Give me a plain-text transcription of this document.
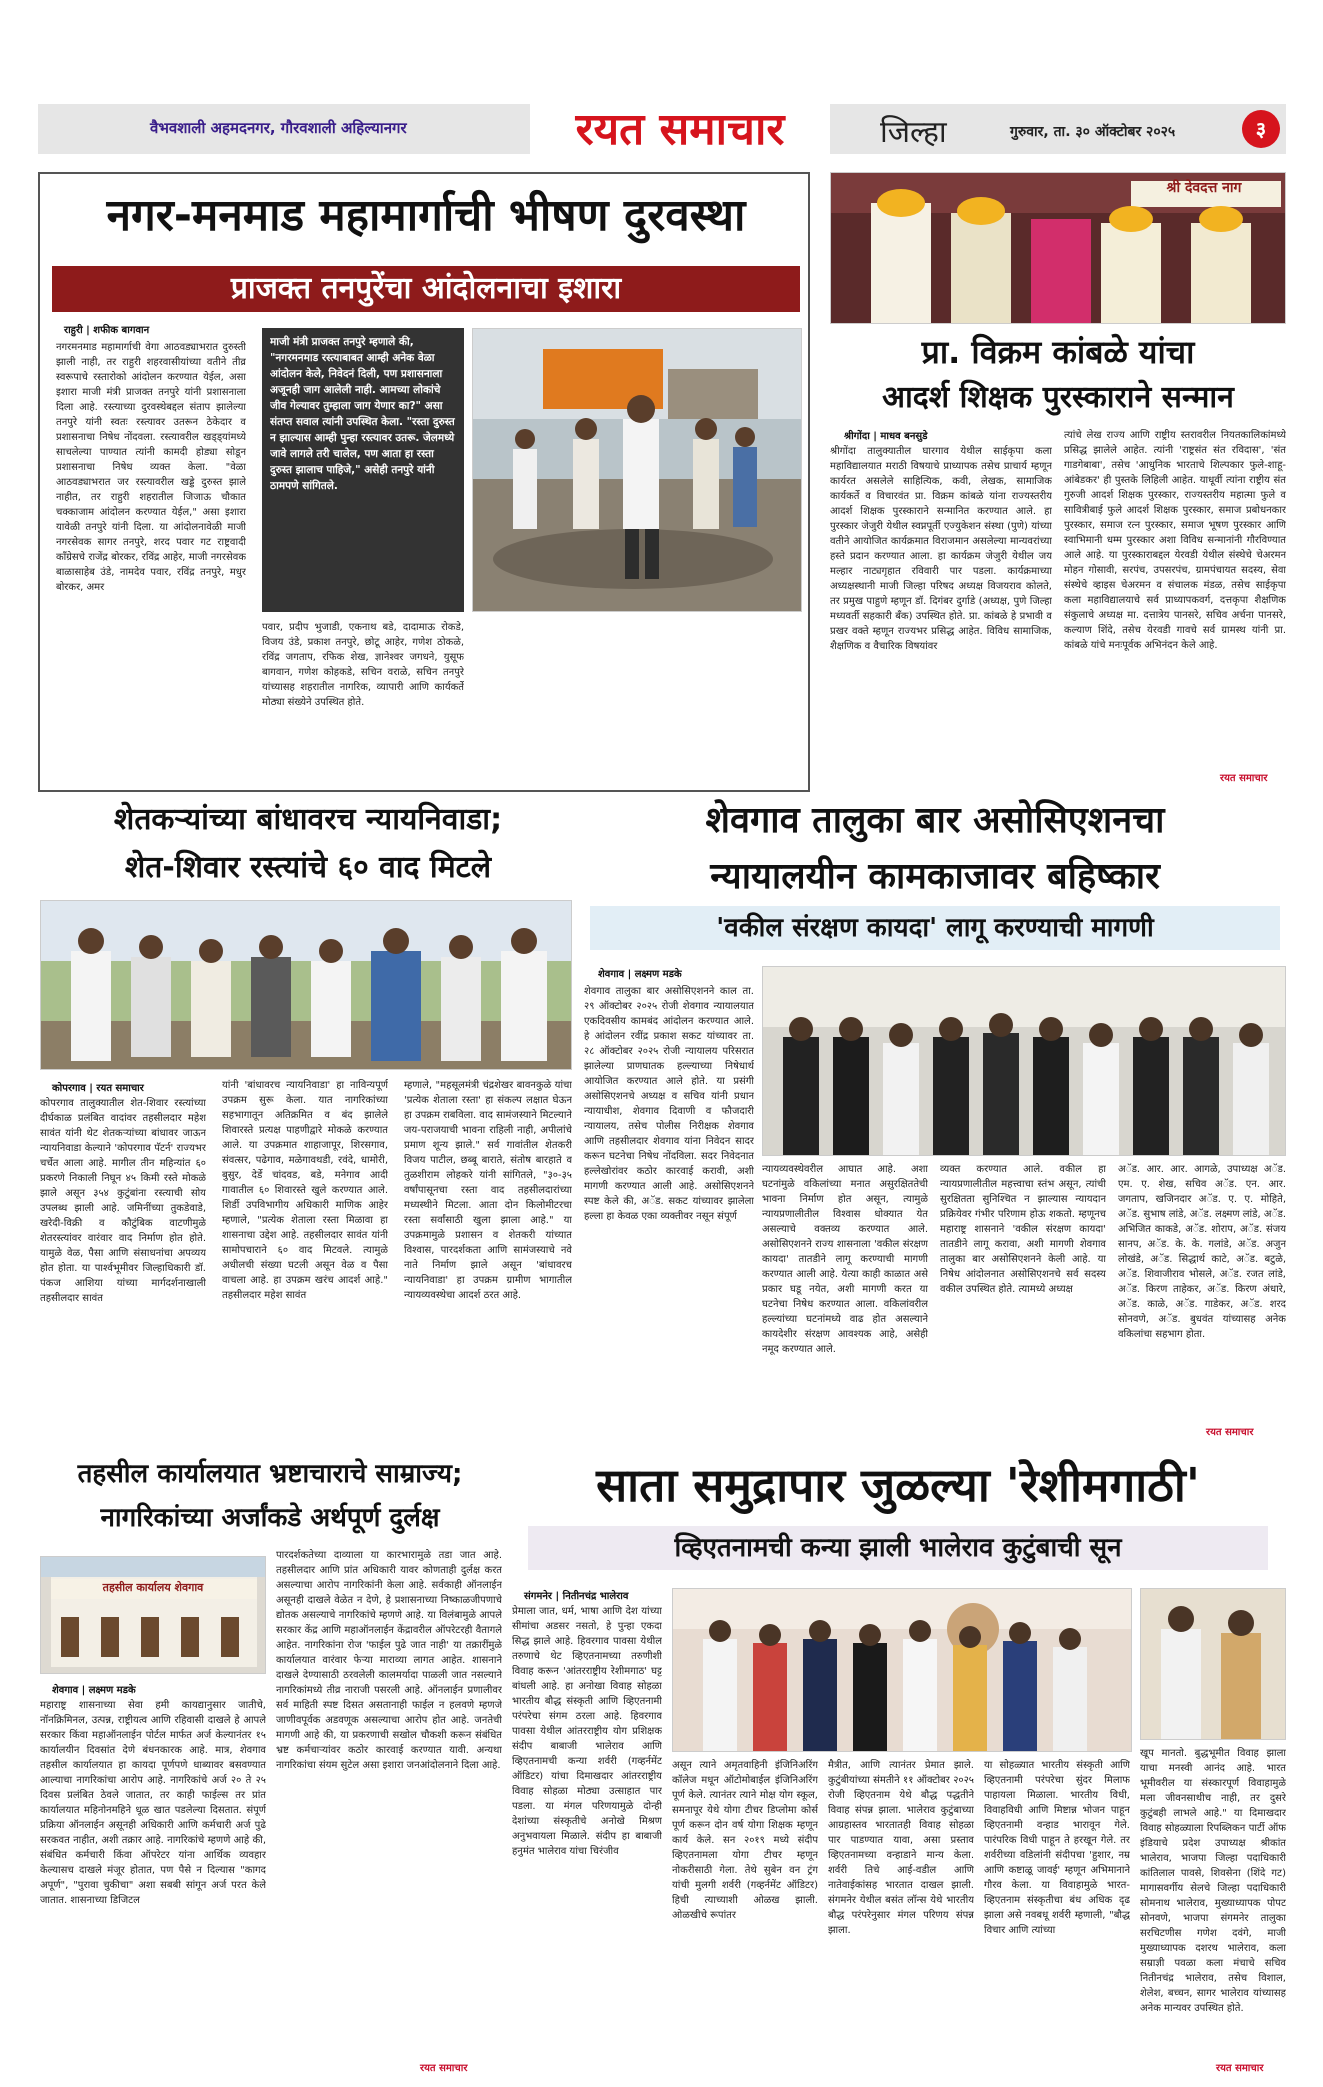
वैभवशाली अहमदनगर, गौरवशाली अहिल्यानगर	रयत समाचार	जिल्हा	गुरुवार, ता. ३० ऑक्टोबर २०२५	३
नगर-मनमाड महामार्गाची भीषण दुरवस्था
प्राजक्त तनपुरेंचा आंदोलनाचा इशारा
राहुरी | शफीक बागवान
नगरमनमाड महामार्गाची वेगा आठवड्याभरात दुरुस्ती झाली नाही, तर राहुरी शहरवासीयांच्या वतीने तीव्र स्वरूपाचे रस्तारोको आंदोलन करण्यात येईल, असा इशारा माजी मंत्री प्राजक्त तनपुरे यांनी प्रशासनाला दिला आहे. रस्त्याच्या दुरवस्थेबद्दल संताप झालेल्या तनपुरे यांनी स्वतः रस्त्यावर उतरून ठेकेदार व प्रशासनाचा निषेध नोंदवला. रस्त्यावरील खड्ड्यांमध्ये साचलेल्या पाण्यात त्यांनी कामदी होड्या सोडून प्रशासनाचा निषेध व्यक्त केला. "वेळा आठवड्याभरात जर रस्त्यावरील खड्डे दुरुस्त झाले नाहीत, तर राहुरी शहरातील जिजाऊ चौकात चक्काजाम आंदोलन करण्यात येईल," असा इशारा यावेळी तनपुरे यांनी दिला. या आंदोलनावेळी माजी नगरसेवक सागर तनपुरे, शरद पवार गट राष्ट्रवादी काँग्रेसचे राजेंद्र बोरकर, रविंद्र आहेर, माजी नगरसेवक बाळासाहेब उंडे, नामदेव पवार, रविंद्र तनपुरे, मधुर बोरकर, अमर
माजी मंत्री प्राजक्त तनपुरे म्हणाले की, "नगरमनमाड रस्त्याबाबत आम्ही अनेक वेळा आंदोलन केले, निवेदनं दिली, पण प्रशासनाला अजूनही जाग आलेली नाही. आमच्या लोकांचे जीव गेल्यावर तुम्हाला जाग येणार का?" असा संतप्त सवाल त्यांनी उपस्थित केला. "रस्ता दुरुस्त न झाल्यास आम्ही पुन्हा रस्त्यावर उतरू. जेलमध्ये जावे लागले तरी चालेल, पण आता हा रस्ता दुरुस्त झालाच पाहिजे," असेही तनपुरे यांनी ठामपणे सांगितले.
पवार, प्रदीप भुजाडी, एकनाथ बडे, दादामाऊ रोकडे, विजय उंडे, प्रकाश तनपुरे, छोटू आहेर, गणेश ठोकळे, रविंद्र जगताप, रफिक शेख, ज्ञानेश्वर जगधने, युसूफ बागवान, गणेश कोहकडे, सचिन वराळे, सचिन तनपुरे यांच्यासह शहरातील नागरिक, व्यापारी आणि कार्यकर्ते मोठ्या संख्येने उपस्थित होते.
श्री देवदत्त नाग
प्रा. विक्रम कांबळे यांचा
आदर्श शिक्षक पुरस्काराने सन्मान
श्रीगोंदा | माधव बनसुडे
श्रीगोंदा तालुक्यातील घारगाव येथील साईकृपा कला महाविद्यालयात मराठी विषयाचे प्राध्यापक तसेच प्राचार्य म्हणून कार्यरत असलेले साहित्यिक, कवी, लेखक, सामाजिक कार्यकर्ते व विचारवंत प्रा. विक्रम कांबळे यांना राज्यस्तरीय आदर्श शिक्षक पुरस्काराने सन्मानित करण्यात आले. हा पुरस्कार जेजुरी येथील स्वप्नपूर्ती एज्युकेशन संस्था (पुणे) यांच्या वतीने आयोजित कार्यक्रमात विराजमान असलेल्या मान्यवरांच्या हस्ते प्रदान करण्यात आला. हा कार्यक्रम जेजुरी येथील जय मल्हार नाट्यगृहात रविवारी पार पडला. कार्यक्रमाच्या अध्यक्षस्थानी माजी जिल्हा परिषद अध्यक्ष विजयराव कोलते, तर प्रमुख पाहुणे म्हणून डॉ. दिगंबर दुर्गाडे (अध्यक्ष, पुणे जिल्हा मध्यवर्ती सहकारी बँक) उपस्थित होते. प्रा. कांबळे हे प्रभावी व प्रखर वक्ते म्हणून राज्यभर प्रसिद्ध आहेत. विविध सामाजिक, शैक्षणिक व वैचारिक विषयांवर
त्यांचे लेख राज्य आणि राष्ट्रीय स्तरावरील नियतकालिकांमध्ये प्रसिद्ध झालेले आहेत. त्यांनी 'राष्ट्रसंत संत रविदास', 'संत गाडगेबाबा', तसेच 'आधुनिक भारताचे शिल्पकार फुले-शाहू-आंबेडकर' ही पुस्तके लिहिली आहेत. याधूर्वी त्यांना राष्ट्रीय संत गुरुजी आदर्श शिक्षक पुरस्कार, राज्यस्तरीय महात्मा फुले व सावित्रीबाई फुले आदर्श शिक्षक पुरस्कार, समाज प्रबोधनकार पुरस्कार, समाज रत्न पुरस्कार, समाज भूषण पुरस्कार आणि स्वाभिमानी धम्म पुरस्कार अशा विविध सन्मानांनी गौरविण्यात आले आहे. या पुरस्काराबद्दल येरवडी येथील संस्थेचे चेअरमन मोहन गोसावी, सरपंच, उपसरपंच, ग्रामपंचायत सदस्य, सेवा संस्थेचे व्हाइस चेअरमन व संचालक मंडळ, तसेच साईकृपा कला महाविद्यालयाचे सर्व प्राध्यापकवर्ग, दत्तकृपा शैक्षणिक संकुलाचे अध्यक्ष मा. दत्तात्रेय पानसरे, सचिव अर्चना पानसरे, कल्याण शिंदे, तसेच येरवडी गावचे सर्व ग्रामस्थ यांनी प्रा. कांबळे यांचे मनःपूर्वक अभिनंदन केले आहे.
रयत समाचार
शेतकऱ्यांच्या बांधावरच न्यायनिवाडा;
शेत-शिवार रस्त्यांचे ६० वाद मिटले
कोपरगाव | रयत समाचार
कोपरगाव तालुक्यातील शेत-शिवार रस्त्यांच्या दीर्घकाळ प्रलंबित वादांवर तहसीलदार महेश सावंत यांनी थेट शेतकऱ्यांच्या बांधावर जाऊन न्यायनिवाडा केल्याने 'कोपरगाव पॅटर्न' राज्यभर चर्चेत आला आहे. मागील तीन महिन्यांत ६० प्रकरणे निकाली निघून ४५ किमी रस्ते मोकळे झाले असून ३५४ कुटुंबांना रस्त्याची सोय उपलब्ध झाली आहे. जमिनींच्या तुकडेवाडे, खरेदी-विक्री व कौटुंबिक वाटणीमुळे शेतरस्त्यांवर वारंवार वाद निर्माण होत होते. यामुळे वेळ, पैसा आणि संसाधनांचा अपव्यय होत होता. या पार्श्वभूमीवर जिल्हाधिकारी डॉ. पंकज आशिया यांच्या मार्गदर्शनाखाली तहसीलदार सावंत
यांनी 'बांधावरच न्यायनिवाडा' हा नाविन्यपूर्ण उपक्रम सुरू केला. यात नागरिकांच्या सहभागातून अतिक्रमित व बंद झालेले शिवारस्ते प्रत्यक्ष पाहणीद्वारे मोकळे करण्यात आले. या उपक्रमात शाहाजापूर, शिरसगाव, संवत्सर, पढेगाव, मळेगावथडी, रवंदे, धामोरी, बुसुर, देर्डे चांदवड, बडे, मनेगाव आदी गावातील ६० शिवारस्ते खुले करण्यात आले. शिर्डी उपविभागीय अधिकारी माणिक आहेर म्हणाले, "प्रत्येक शेताला रस्ता मिळावा हा शासनाचा उद्देश आहे. तहसीलदार सावंत यांनी सामोपचाराने ६० वाद मिटवले. त्यामुळे अधीलची संख्या घटली असून वेळ व पैसा वाचला आहे. हा उपक्रम खरंच आदर्श आहे." तहसीलदार महेश सावंत
म्हणाले, "महसूलमंत्री चंद्रशेखर बावनकुळे यांचा 'प्रत्येक शेताला रस्ता' हा संकल्प लक्षात घेऊन हा उपक्रम राबविला. वाद सामंजस्याने मिटल्याने जय-पराजयाची भावना राहिली नाही, अपीलांचे प्रमाण शून्य झाले." सर्व गावांतील शेतकरी विजय पाटील, छब्बू बाराते, संतोष बारहाते व तुळशीराम लोहकरे यांनी सांगितले, "३०-३५ वर्षांपासूनचा रस्ता वाद तहसीलदारांच्या मध्यस्थीने मिटला. आता दोन किलोमीटरचा रस्ता सर्वांसाठी खुला झाला आहे." या उपक्रमामुळे प्रशासन व शेतकरी यांच्यात विश्वास, पारदर्शकता आणि सामंजस्याचे नवे नाते निर्माण झाले असून 'बांधावरच न्यायनिवाडा' हा उपक्रम ग्रामीण भागातील न्यायव्यवस्थेचा आदर्श ठरत आहे.
शेवगाव तालुका बार असोसिएशनचा
न्यायालयीन कामकाजावर बहिष्कार
'वकील संरक्षण कायदा' लागू करण्याची मागणी
शेवगाव | लक्ष्मण मडके
शेवगाव तालुका बार असोसिएशनने काल ता. २९ ऑक्टोबर २०२५ रोजी शेवगाव न्यायालयात एकदिवसीय कामबंद आंदोलन करण्यात आले. हे आंदोलन रवींद्र प्रकाश सकट यांच्यावर ता. २८ ऑक्टोबर २०२५ रोजी न्यायालय परिसरात झालेल्या प्राणघातक हल्ल्याच्या निषेधार्थ आयोजित करण्यात आले होते. या प्रसंगी असोसिएशनचे अध्यक्ष व सचिव यांनी प्रधान न्यायाधीश, शेवगाव दिवाणी व फौजदारी न्यायालय, तसेच पोलीस निरीक्षक शेवगाव आणि तहसीलदार शेवगाव यांना निवेदन सादर करून घटनेचा निषेध नोंदविला. सदर निवेदनात हल्लेखोरांवर कठोर कारवाई करावी, अशी मागणी करण्यात आली आहे. असोसिएशनने स्पष्ट केले की, अॅड. सकट यांच्यावर झालेला हल्ला हा केवळ एका व्यक्तीवर नसून संपूर्ण
न्यायव्यवस्थेवरील आघात आहे. अशा घटनांमुळे वकिलांच्या मनात असुरक्षिततेची भावना निर्माण होत असून, त्यामुळे न्यायप्रणालीतील विश्वास धोक्यात येत असल्याचे वक्तव्य करण्यात आले. असोसिएशनने राज्य शासनाला 'वकील संरक्षण कायदा' तातडीने लागू करण्याची मागणी करण्यात आली आहे. येत्या काही काळात असे प्रकार घडू नयेत, अशी मागणी करत या घटनेचा निषेध करण्यात आला. वकिलांवरील हल्ल्यांच्या घटनांमध्ये वाढ होत असल्याने कायदेशीर संरक्षण आवश्यक आहे, असेही नमूद करण्यात आले.
व्यक्त करण्यात आले. वकील हा न्यायप्रणालीतील महत्त्वाचा स्तंभ असून, त्यांची सुरक्षितता सुनिश्चित न झाल्यास न्यायदान प्रक्रियेवर गंभीर परिणाम होऊ शकतो. म्हणूनच महाराष्ट्र शासनाने 'वकील संरक्षण कायदा' तातडीने लागू करावा, अशी मागणी शेवगाव तालुका बार असोसिएशनने केली आहे. या निषेध आंदोलनात असोसिएशनचे सर्व सदस्य वकील उपस्थित होते. त्यामध्ये अध्यक्ष
अॅड. आर. आर. आगळे, उपाध्यक्ष अॅड. एम. ए. शेख, सचिव अॅड. एन. आर. जगताप, खजिनदार अॅड. ए. ए. मोहिते, अॅड. सुभाष लांडे, अॅड. लक्ष्मण लांडे, अॅड. अभिजित काकडे, अॅड. शोराप, अॅड. संजय सानप, अॅड. के. के. गलांडे, अॅड. अजुन लोखंडे, अॅड. सिद्धार्थ काटे, अॅड. बटुळे, अॅड. शिवाजीराव भोसले, अॅड. रजत लांडे, अॅड. किरण ताहेकर, अॅड. किरण अंधारे, अॅड. काळे, अॅड. गाडेकर, अॅड. शरद सोनवणे, अॅड. बुधवंत यांच्यासह अनेक वकिलांचा सहभाग होता.
रयत समाचार
तहसील कार्यालयात भ्रष्टाचाराचे साम्राज्य;
नागरिकांच्या अर्जांकडे अर्थपूर्ण दुर्लक्ष
तहसील कार्यालय शेवगाव
शेवगाव | लक्ष्मण मडके
महाराष्ट्र शासनाच्या सेवा हमी कायद्यानुसार जातीचे, नॉनक्रिमिनल, उत्पन्न, राष्ट्रीयत्व आणि रहिवासी दाखले हे आपले सरकार किंवा महाऑनलाईन पोर्टल मार्फत अर्ज केल्यानंतर १५ कार्यालयीन दिवसांत देणे बंधनकारक आहे. मात्र, शेवगाव तहसील कार्यालयात हा कायदा पूर्णपणे धाब्यावर बसवण्यात आल्याचा नागरिकांचा आरोप आहे. नागरिकांचे अर्ज २० ते २५ दिवस प्रलंबित ठेवले जातात, तर काही फाईल्स तर प्रांत कार्यालयात महिनोनमहिने धूळ खात पडलेल्या दिसतात. संपूर्ण प्रक्रिया ऑनलाईन असूनही अधिकारी आणि कर्मचारी अर्ज पुढे सरकवत नाहीत, अशी तक्रार आहे. नागरिकांचे म्हणणे आहे की, संबंधित कर्मचारी किंवा ऑपरेटर यांना आर्थिक व्यवहार केल्यासच दाखले मंजूर होतात, पण पैसे न दिल्यास "कागद अपूर्ण", "पुरावा चुकीचा" अशा सबबी सांगून अर्ज परत केले जातात. शासनाच्या डिजिटल
पारदर्शकतेच्या दाव्याला या कारभारामुळे तडा जात आहे. तहसीलदार आणि प्रांत अधिकारी यावर कोणताही दुर्लक्ष करत असल्याचा आरोप नागरिकांनी केला आहे. सर्वकाही ऑनलाईन असूनही दाखले वेळेत न देणे, हे प्रशासनाच्या निष्काळजीपणाचे द्योतक असल्याचे नागरिकांचे म्हणणे आहे. या विलंबामुळे आपले सरकार केंद्र आणि महाऑनलाईन केंद्रावरील ऑपरेटरही वैतागले आहेत. नागरिकांना रोज 'फाईल पुढे जात नाही' या तक्रारींमुळे कार्यालयात वारंवार फेऱ्या माराव्या लागत आहेत. शासनाने दाखले देण्यासाठी ठरवलेली कालमर्यादा पाळली जात नसल्याने नागरिकांमध्ये तीव्र नाराजी पसरली आहे. ऑनलाईन प्रणालीवर सर्व माहिती स्पष्ट दिसत असतानाही फाईल न हलवणे म्हणजे जाणीवपूर्वक अडवणूक असल्याचा आरोप होत आहे. जनतेची मागणी आहे की, या प्रकरणाची सखोल चौकशी करून संबंधित भ्रष्ट कर्मचाऱ्यांवर कठोर कारवाई करण्यात यावी. अन्यथा नागरिकांचा संयम सुटेल असा इशारा जनआंदोलनाने दिला आहे.
रयत समाचार
साता समुद्रापार जुळल्या 'रेशीमगाठी'
व्हिएतनामची कन्या झाली भालेराव कुटुंबाची सून
संगमनेर | नितीनचंद्र भालेराव
प्रेमाला जात, धर्म, भाषा आणि देश यांच्या सीमांचा अडसर नसतो, हे पुन्हा एकदा सिद्ध झाले आहे. हिवरगाव पावसा येथील तरुणाचे थेट व्हिएतनामच्या तरुणीशी विवाह करून 'आंतरराष्ट्रीय रेशीमगाठ' घट्ट बांधली आहे. हा अनोखा विवाह सोहळा भारतीय बौद्ध संस्कृती आणि व्हिएतनामी परंपरेचा संगम ठरला आहे. हिवरगाव पावसा येथील आंतरराष्ट्रीय योग प्रशिक्षक संदीप बाबाजी भालेराव आणि व्हिएतनामची कन्या शर्वरी (गव्हर्नमेंट ऑडिटर) यांचा दिमाखदार आंतरराष्ट्रीय विवाह सोहळा मोठ्या उत्साहात पार पडला. या मंगल परिणयामुळे दोन्ही देशांच्या संस्कृतीचे अनोखे मिश्रण अनुभवायला मिळाले. संदीप हा बाबाजी हनुमंत भालेराव यांचा चिरंजीव
असून त्याने अमृतवाहिनी इंजिनिअरिंग कॉलेज मधून ऑटोमोबाईल इंजिनिअरिंग पूर्ण केले. त्यानंतर त्याने मोक्ष योग स्कूल, समनापूर येथे योगा टीचर डिप्लोमा कोर्स पूर्ण करून दोन वर्ष योगा शिक्षक म्हणून कार्य केले. सन २०१९ मध्ये संदीप व्हिएतनामला योगा टीचर म्हणून नोकरीसाठी गेला. तेथे सुबेन वन ट्रंग यांची मुलगी शर्वरी (गव्हर्नमेंट ऑडिटर) हिची त्याच्याशी ओळख झाली. ओळखीचे रूपांतर
मैत्रीत, आणि त्यानंतर प्रेमात झाले. कुटुंबीयांच्या संमतीने ११ ऑक्टोबर २०२५ रोजी व्हिएतनाम येथे बौद्ध पद्धतीने विवाह संपन्न झाला. भालेराव कुटुंबाच्या आग्रहास्तव भारतातही विवाह सोहळा पार पाडण्यात यावा, असा प्रस्ताव व्हिएतनामच्या वन्हाडाने मान्य केला. शर्वरी तिचे आई-वडील आणि नातेवाईकांसह भारतात दाखल झाली. संगमनेर येथील बसंत लॉन्स येथे भारतीय बौद्ध परंपरेनुसार मंगल परिणय संपन्न झाला.
या सोहळ्यात भारतीय संस्कृती आणि व्हिएतनामी परंपरेचा सुंदर मिलाफ पाहायला मिळाला. भारतीय विधी, विवाहविधी आणि मिष्टान्न भोजन पाहून व्हिएतनामी वन्हाड भारावून गेले. पारंपरिक विधी पाहून ते हरखून गेले. तर शर्वरीच्या वडिलांनी संदीपचा 'हुशार, नम्र आणि कष्टाळू जावई' म्हणून अभिमानाने गौरव केला. या विवाहामुळे भारत-व्हिएतनाम संस्कृतीचा बंध अधिक दृढ झाला असे नवबधू शर्वरी म्हणाली, "बौद्ध विचार आणि त्यांच्या
खूप मानतो. बुद्धभूमीत विवाह झाला याचा मनस्वी आनंद आहे. भारत भूमीवरील या संस्कारपूर्ण विवाहामुळे मला जीवनसाथीच नाही, तर दुसरे कुटुंबही लाभले आहे." या दिमाखदार विवाह सोहळ्याला रिपब्लिकन पार्टी ऑफ इंडियाचे प्रदेश उपाध्यक्ष श्रीकांत भालेराव, भाजपा जिल्हा पदाधिकारी कांतिलाल पावसे, शिवसेना (शिंदे गट) मागासवर्गीय सेलचे जिल्हा पदाधिकारी सोमनाथ भालेराव, मुख्याध्यापक पोपट सोनवणे, भाजपा संगमनेर तालुका सरचिटणीस गणेश दवंगे, माजी मुख्याध्यापक दशरथ भालेराव, कला सम्राज्ञी पवळा कला मंचाचे सचिव नितीनचंद्र भालेराव, तसेच विशाल, शेलेश, बच्चन, सागर भालेराव यांच्यासह अनेक मान्यवर उपस्थित होते.
रयत समाचार
